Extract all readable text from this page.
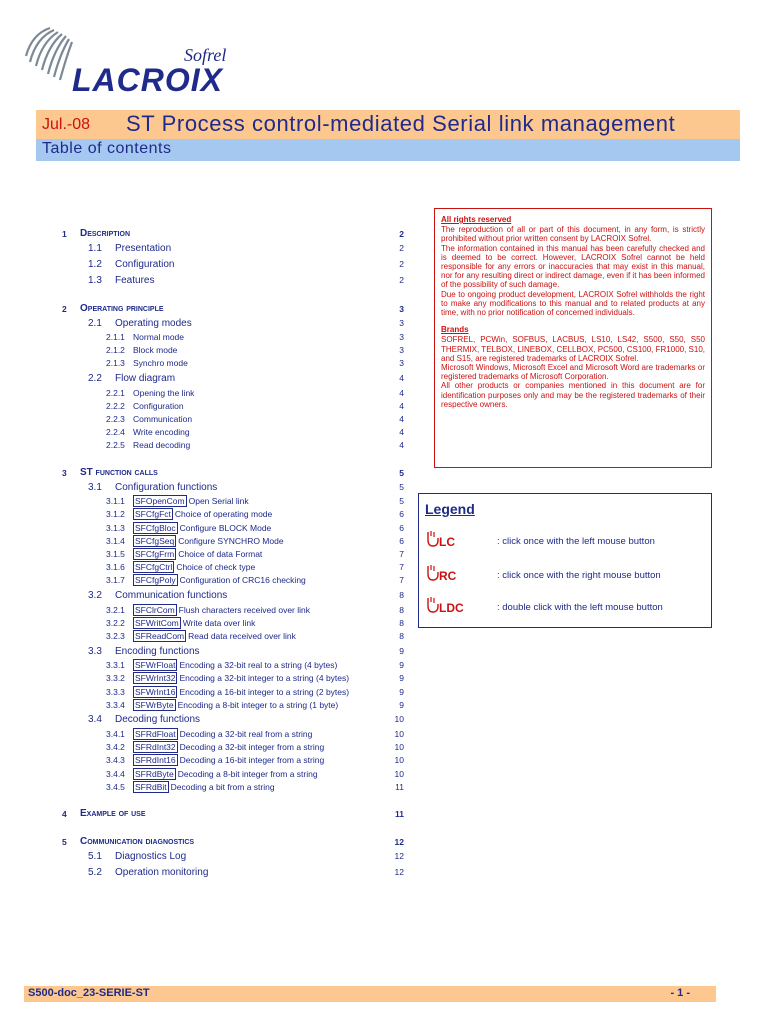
Sofrel
LACROIX
Jul.-08 ST Process control-mediated Serial link management
Table of contents
1 Description	2
1.1 Presentation	2
1.2 Configuration	2
1.3 Features	2
2 Operating principle	3
2.1 Operating modes	3
2.1.1 Normal mode	3
2.1.2 Block mode	3
2.1.3 Synchro mode	3
2.2 Flow diagram	4
2.2.1 Opening the link	4
2.2.2 Configuration	4
2.2.3 Communication	4
2.2.4 Write encoding	4
2.2.5 Read decoding	4
3 ST function calls	5
3.1 Configuration functions	5
3.1.1 SFOpenCom Open Serial link	5
3.1.2 SFCfgFct Choice of operating mode	6
3.1.3 SFCfgBloc Configure BLOCK Mode	6
3.1.4 SFCfgSeq Configure SYNCHRO Mode	6
3.1.5 SFCfgFrm Choice of data Format	7
3.1.6 SFCfgCtrl Choice of check type	7
3.1.7 SFCfgPoly Configuration of CRC16 checking	7
3.2 Communication functions	8
3.2.1 SFClrCom Flush characters received over link	8
3.2.2 SFWritCom Write data over link	8
3.2.3 SFReadCom Read data received over link	8
3.3 Encoding functions	9
3.3.1 SFWrFloat Encoding a 32-bit real to a string (4 bytes)	9
3.3.2 SFWrInt32 Encoding a 32-bit integer to a string (4 bytes)	9
3.3.3 SFWrInt16 Encoding a 16-bit integer to a string (2 bytes)	9
3.3.4 SFWrByte Encoding a 8-bit integer to a string (1 byte)	9
3.4 Decoding functions	10
3.4.1 SFRdFloat Decoding a 32-bit real from a string	10
3.4.2 SFRdInt32 Decoding a 32-bit integer from a string	10
3.4.3 SFRdInt16 Decoding a 16-bit integer from a string	10
3.4.4 SFRdByte Decoding a 8-bit integer from a string	10
3.4.5 SFRdBit Decoding a bit from a string	11
4 Example of use	11
5 Communication diagnostics	12
5.1 Diagnostics Log	12
5.2 Operation monitoring	12

All rights reserved

The reproduction of all or part of this document, in any form, is strictly prohibited without prior written consent by LACROIX Sofrel.

The information contained in this manual has been carefully checked and is deemed to be correct. However, LACROIX Sofrel cannot be held responsible for any errors or inaccuracies that may exist in this manual, nor for any resulting direct or indirect damage, even if it has been informed of the possibility of such damage.

Due to ongoing product development, LACROIX Sofrel withholds the right to make any modifications to this manual and to related products at any time, with no prior notification of concerned individuals.

Brands

SOFREL, PCWin, SOFBUS, LACBUS, LS10, LS42, S500, S50, S50 THERMIX, TELBOX, LINEBOX, CELLBOX, PC500, CS100, FR1000, S10, and S15, are registered trademarks of LACROIX Sofrel.

Microsoft Windows, Microsoft Excel and Microsoft Word are trademarks or registered trademarks of Microsoft Corporation.

All other products or companies mentioned in this document are for identification purposes only and may be the registered trademarks of their respective owners.

Legend
LC	: click once with the left mouse button
RC	: click once with the right mouse button
LDC	: double click with the left mouse button
S500-doc_23-SERIE-ST	- 1 -
